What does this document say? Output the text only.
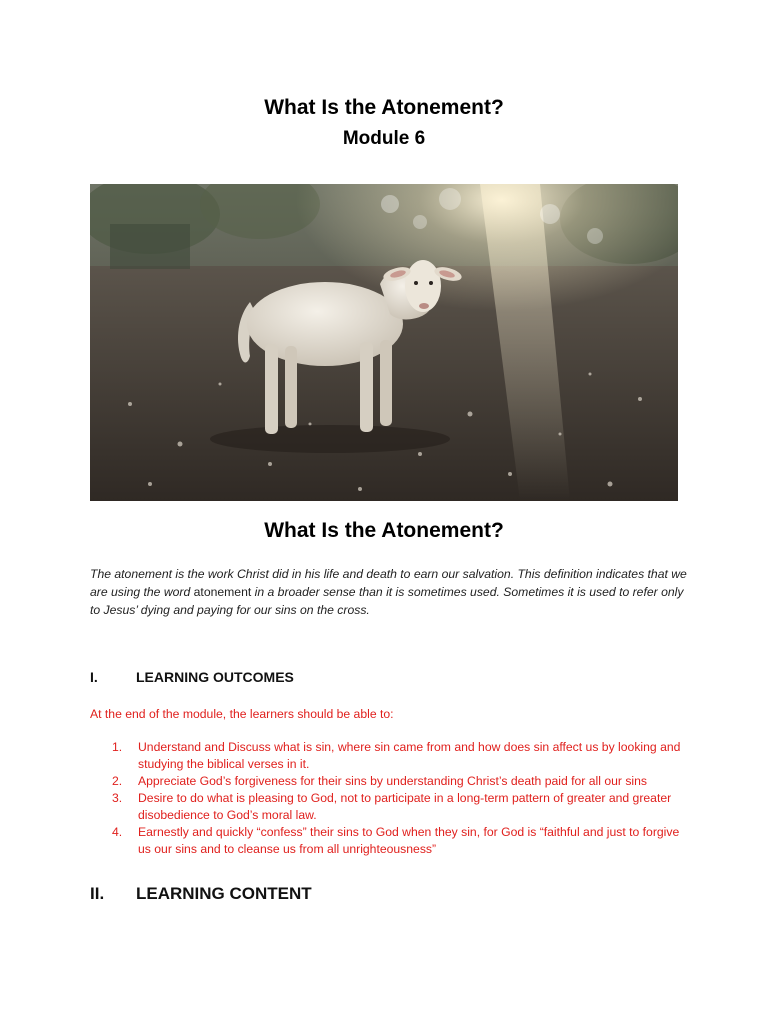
What Is the Atonement?
Module 6
What Is the Atonement?

The atonement is the work Christ did in his life and death to earn our salvation. This definition indicates that we are using the word atonement in a broader sense than it is sometimes used. Sometimes it is used to refer only to Jesus’ dying and paying for our sins on the cross.

I.	LEARNING OUTCOMES
At the end of the module, the learners should be able to:
1. Understand and Discuss what is sin, where sin came from and how does sin affect us by looking and studying the biblical verses in it.
2. Appreciate God’s forgiveness for their sins by understanding Christ’s death paid for all our sins
3. Desire to do what is pleasing to God, not to participate in a long-term pattern of greater and greater disobedience to God’s moral law.
4. Earnestly and quickly “confess” their sins to God when they sin, for God is “faithful and just to forgive us our sins and to cleanse us from all unrighteousness”
II. LEARNING CONTENT
